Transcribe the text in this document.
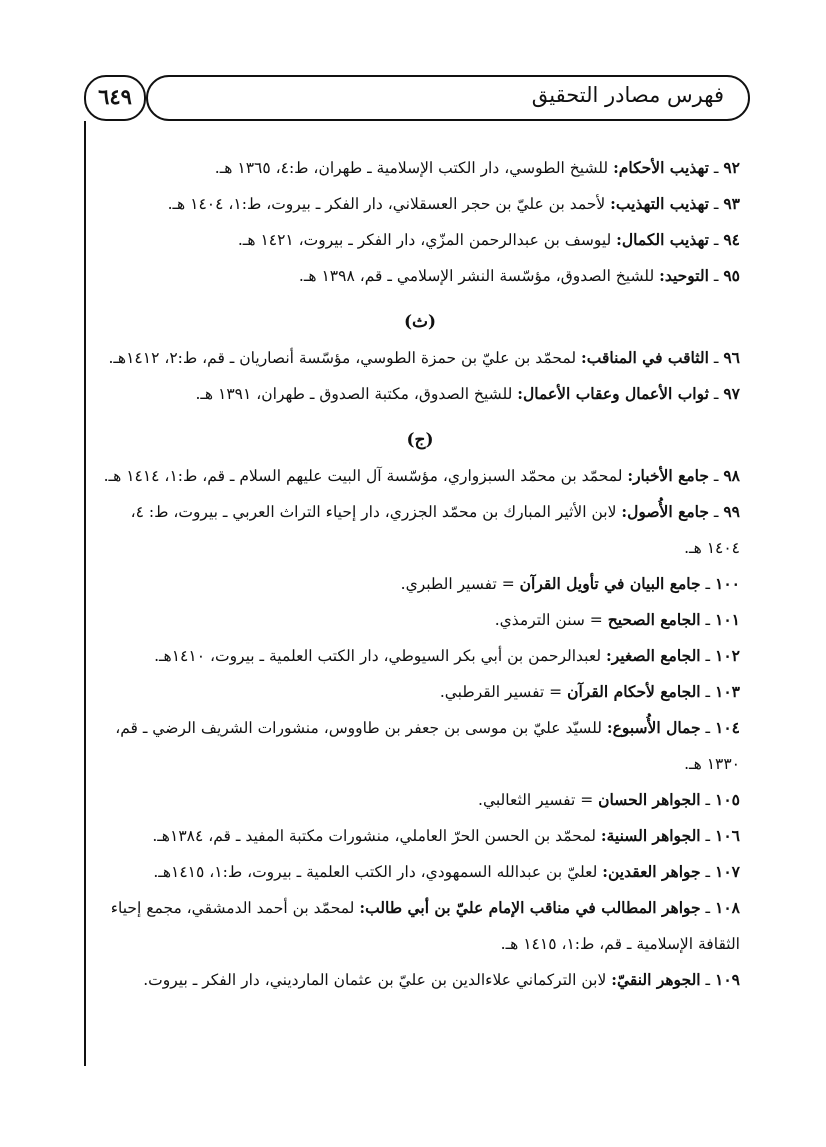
٦٤٩	فهرس مصادر التحقيق

٩٢ ـ تهذيب الأحكام: للشيخ الطوسي، دار الكتب الإسلامية ـ طهران، ط:٤، ١٣٦٥ هـ.

٩٣ ـ تهذيب التهذيب: لأحمد بن عليّ بن حجر العسقلاني، دار الفكر ـ بيروت، ط:١، ١٤٠٤ هـ.

٩٤ ـ تهذيب الكمال: ليوسف بن عبدالرحمن المزّي، دار الفكر ـ بيروت، ١٤٢١ هـ.

٩٥ ـ التوحيد: للشيخ الصدوق، مؤسّسة النشر الإسلامي ـ قم، ١٣٩٨ هـ.

(ث)

٩٦ ـ الثاقب في المناقب: لمحمّد بن عليّ بن حمزة الطوسي، مؤسّسة أنصاريان ـ قم، ط:٢، ١٤١٢هـ.

٩٧ ـ ثواب الأعمال وعقاب الأعمال: للشيخ الصدوق، مكتبة الصدوق ـ طهران، ١٣٩١ هـ.

(ج)

٩٨ ـ جامع الأخبار: لمحمّد بن محمّد السبزواري، مؤسّسة آل البيت عليهم السلام ـ قم، ط:١، ١٤١٤ هـ.

٩٩ ـ جامع الأُصول: لابن الأثير المبارك بن محمّد الجزري، دار إحياء التراث العربي ـ بيروت، ط: ٤، ١٤٠٤ هـ.

١٠٠ ـ جامع البيان في تأويل القرآن = تفسير الطبري.

١٠١ ـ الجامع الصحيح = سنن الترمذي.

١٠٢ ـ الجامع الصغير: لعبدالرحمن بن أبي بكر السيوطي، دار الكتب العلمية ـ بيروت، ١٤١٠هـ.

١٠٣ ـ الجامع لأحكام القرآن = تفسير القرطبي.

١٠٤ ـ جمال الأُسبوع: للسيّد عليّ بن موسى بن جعفر بن طاووس، منشورات الشريف الرضي ـ قم، ١٣٣٠ هـ.

١٠٥ ـ الجواهر الحسان = تفسير الثعالبي.

١٠٦ ـ الجواهر السنية: لمحمّد بن الحسن الحرّ العاملي، منشورات مكتبة المفيد ـ قم، ١٣٨٤هـ.

١٠٧ ـ جواهر العقدين: لعليّ بن عبدالله السمهودي، دار الكتب العلمية ـ بيروت، ط:١، ١٤١٥هـ.

١٠٨ ـ جواهر المطالب في مناقب الإمام عليّ بن أبي طالب: لمحمّد بن أحمد الدمشقي، مجمع إحياء الثقافة الإسلامية ـ قم، ط:١، ١٤١٥ هـ.

١٠٩ ـ الجوهر النقيّ: لابن التركماني علاءالدين بن عليّ بن عثمان المارديني، دار الفكر ـ بيروت.
